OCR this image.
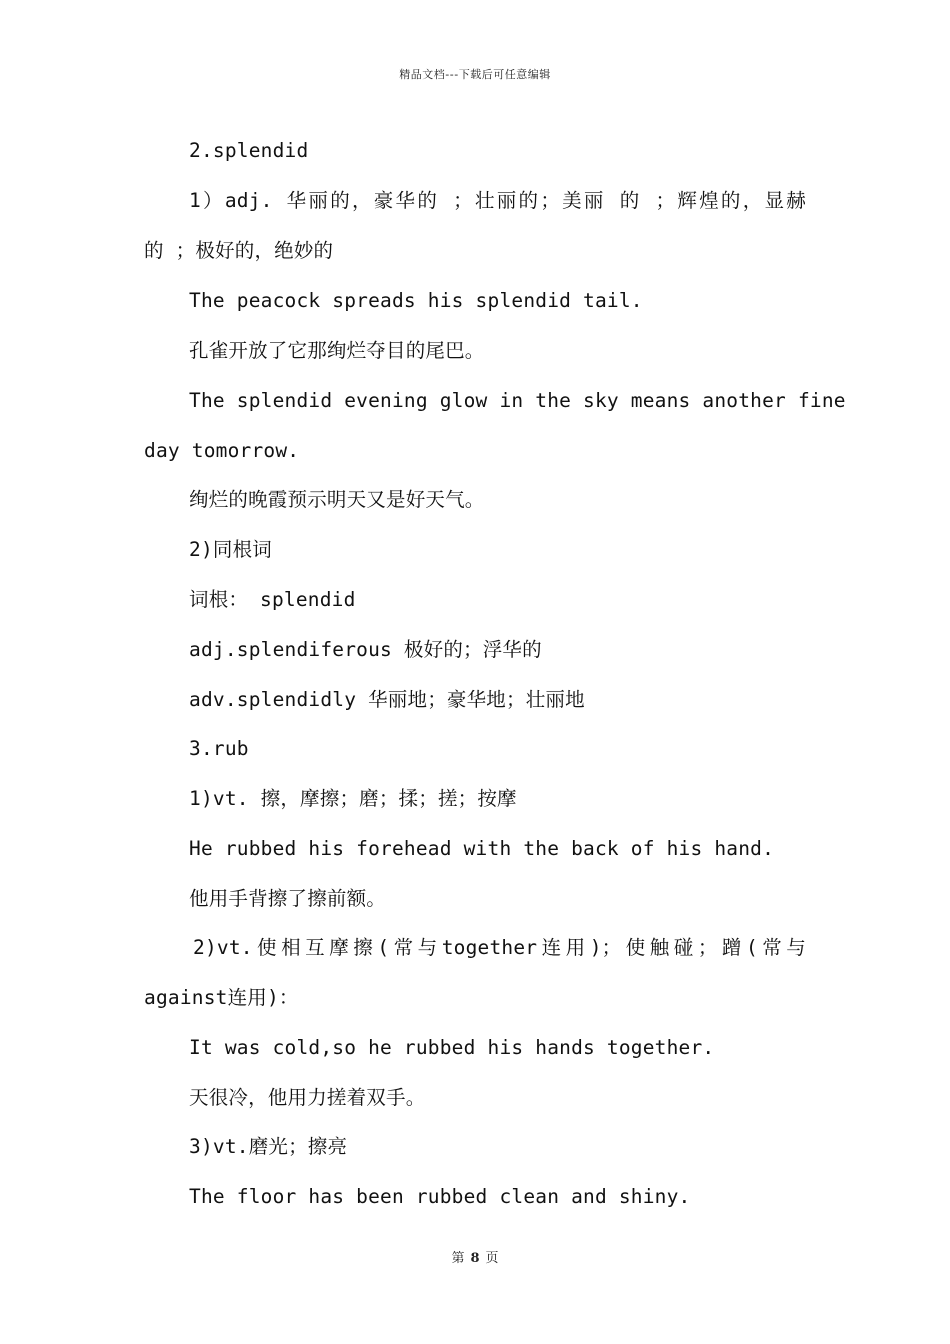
精品文档---下载后可任意编辑
2.splendid
1）adj. 华丽的，豪华的 ；壮丽的；美丽 的 ；辉煌的，显赫
的 ；极好的，绝妙的
The peacock spreads his splendid tail.
孔雀开放了它那绚烂夺目的尾巴。
The splendid evening glow in the sky means another fine
day tomorrow.
绚烂的晚霞预示明天又是好天气。
2)同根词
词根： splendid
adj.splendiferous 极好的；浮华的
adv.splendidly 华丽地；豪华地；壮丽地
3.rub
1)vt. 擦，摩擦；磨；揉；搓；按摩
He rubbed his forehead with the back of his hand.
他用手背擦了擦前额。
2)vt.使相互摩擦(常与together连用)；使触碰；蹭(常与
against连用)：
It was cold,so he rubbed his hands together.
天很冷，他用力搓着双手。
3)vt.磨光；擦亮
The floor has been rubbed clean and shiny.
第 8 页
